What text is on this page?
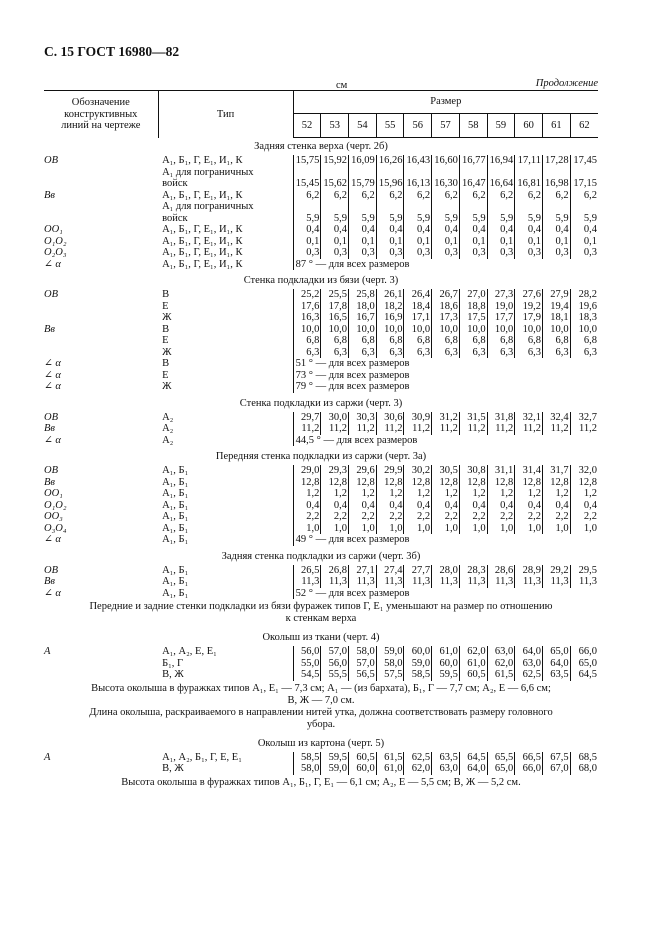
С. 15 ГОСТ 16980—82
см	Продолжение
Обозначение
конструктивных
линий на чертеже	Тип	Размер										
		52	53	54	55	56	57	58	59	60	61	62
Задняя стенка верха (черт. 2б)												
ОВ	А₁, Б₁, Г, Е₁, И₁, К	15,75	15,92	16,09	16,26	16,43	16,60	16,77	16,94	17,11	17,28	17,45
	А₁ для пограничных											
	войск	15,45	15,62	15,79	15,96	16,13	16,30	16,47	16,64	16,81	16,98	17,15
Вв	А₁, Б₁, Г, Е₁, И₁, К	6,2	6,2	6,2	6,2	6,2	6,2	6,2	6,2	6,2	6,2	6,2
	А₁ для пограничных											
	войск	5,9	5,9	5,9	5,9	5,9	5,9	5,9	5,9	5,9	5,9	5,9
ОО₁	А₁, Б₁, Г, Е₁, И₁, К	0,4	0,4	0,4	0,4	0,4	0,4	0,4	0,4	0,4	0,4	0,4
О₁О₂	А₁, Б₁, Г, Е₁, И₁, К	0,1	0,1	0,1	0,1	0,1	0,1	0,1	0,1	0,1	0,1	0,1
О₂О₃	А₁, Б₁, Г, Е₁, И₁, К	0,3	0,3	0,3	0,3	0,3	0,3	0,3	0,3	0,3	0,3	0,3
∠ α	А₁, Б₁, Г, Е₁, И₁, К	87 ° — для всех размеров										
Стенка подкладки из бязи (черт. 3)												
ОВ	В	25,2	25,5	25,8	26,1	26,4	26,7	27,0	27,3	27,6	27,9	28,2
	Е	17,6	17,8	18,0	18,2	18,4	18,6	18,8	19,0	19,2	19,4	19,6
	Ж	16,3	16,5	16,7	16,9	17,1	17,3	17,5	17,7	17,9	18,1	18,3
Вв	В	10,0	10,0	10,0	10,0	10,0	10,0	10,0	10,0	10,0	10,0	10,0
	Е	6,8	6,8	6,8	6,8	6,8	6,8	6,8	6,8	6,8	6,8	6,8
	Ж	6,3	6,3	6,3	6,3	6,3	6,3	6,3	6,3	6,3	6,3	6,3
∠ α	В	51 ° — для всех размеров										
∠ α	Е	73 ° — для всех размеров										
∠ α	Ж	79 ° — для всех размеров										
Стенка подкладки из саржи (черт. 3)												
ОВ	А₂	29,7	30,0	30,3	30,6	30,9	31,2	31,5	31,8	32,1	32,4	32,7
Вв	А₂	11,2	11,2	11,2	11,2	11,2	11,2	11,2	11,2	11,2	11,2	11,2
∠ α	А₂	44,5 ° — для всех размеров										
Передняя стенка подкладки из саржи (черт. 3а)												
ОВ	А₁, Б₁	29,0	29,3	29,6	29,9	30,2	30,5	30,8	31,1	31,4	31,7	32,0
Вв	А₁, Б₁	12,8	12,8	12,8	12,8	12,8	12,8	12,8	12,8	12,8	12,8	12,8
ОО₁	А₁, Б₁	1,2	1,2	1,2	1,2	1,2	1,2	1,2	1,2	1,2	1,2	1,2
О₁О₂	А₁, Б₁	0,4	0,4	0,4	0,4	0,4	0,4	0,4	0,4	0,4	0,4	0,4
ОО₃	А₁, Б₁	2,2	2,2	2,2	2,2	2,2	2,2	2,2	2,2	2,2	2,2	2,2
О₃О₄	А₁, Б₁	1,0	1,0	1,0	1,0	1,0	1,0	1,0	1,0	1,0	1,0	1,0
∠ α	А₁, Б₁	49 ° — для всех размеров										
Задняя стенка подкладки из саржи (черт. 3б)												
ОВ	А₁, Б₁	26,5	26,8	27,1	27,4	27,7	28,0	28,3	28,6	28,9	29,2	29,5
Вв	А₁, Б₁	11,3	11,3	11,3	11,3	11,3	11,3	11,3	11,3	11,3	11,3	11,3
∠ α	А₁, Б₁	52 ° — для всех размеров										
Передние и задние стенки подкладки из бязи фуражек типов Г, Е₁ уменьшают на размер по отношению												
к стенкам верха												
Околыш из ткани (черт. 4)												
А	А₁, А₂, Е, Е₁	56,0	57,0	58,0	59,0	60,0	61,0	62,0	63,0	64,0	65,0	66,0
	Б₁, Г	55,0	56,0	57,0	58,0	59,0	60,0	61,0	62,0	63,0	64,0	65,0
	В, Ж	54,5	55,5	56,5	57,5	58,5	59,5	60,5	61,5	62,5	63,5	64,5
Высота околыша в фуражках типов А₁, Е₁ — 7,3 см; А₁ — (из бархата), Б₁, Г — 7,7 см; А₂, Е — 6,6 см;												
В, Ж — 7,0 см.												
Длина околыша, раскраиваемого в направлении нитей утка, должна соответствовать размеру головного												
убора.												
Околыш из картона (черт. 5)												
А	А₁, А₂, Б₁, Г, Е, Е₁	58,5	59,5	60,5	61,5	62,5	63,5	64,5	65,5	66,5	67,5	68,5
	В, Ж	58,0	59,0	60,0	61,0	62,0	63,0	64,0	65,0	66,0	67,0	68,0
Высота околыша в фуражках типов А₁, Б₁, Г, Е₁ — 6,1 см; А₂, Е — 5,5 см; В, Ж — 5,2 см.												
